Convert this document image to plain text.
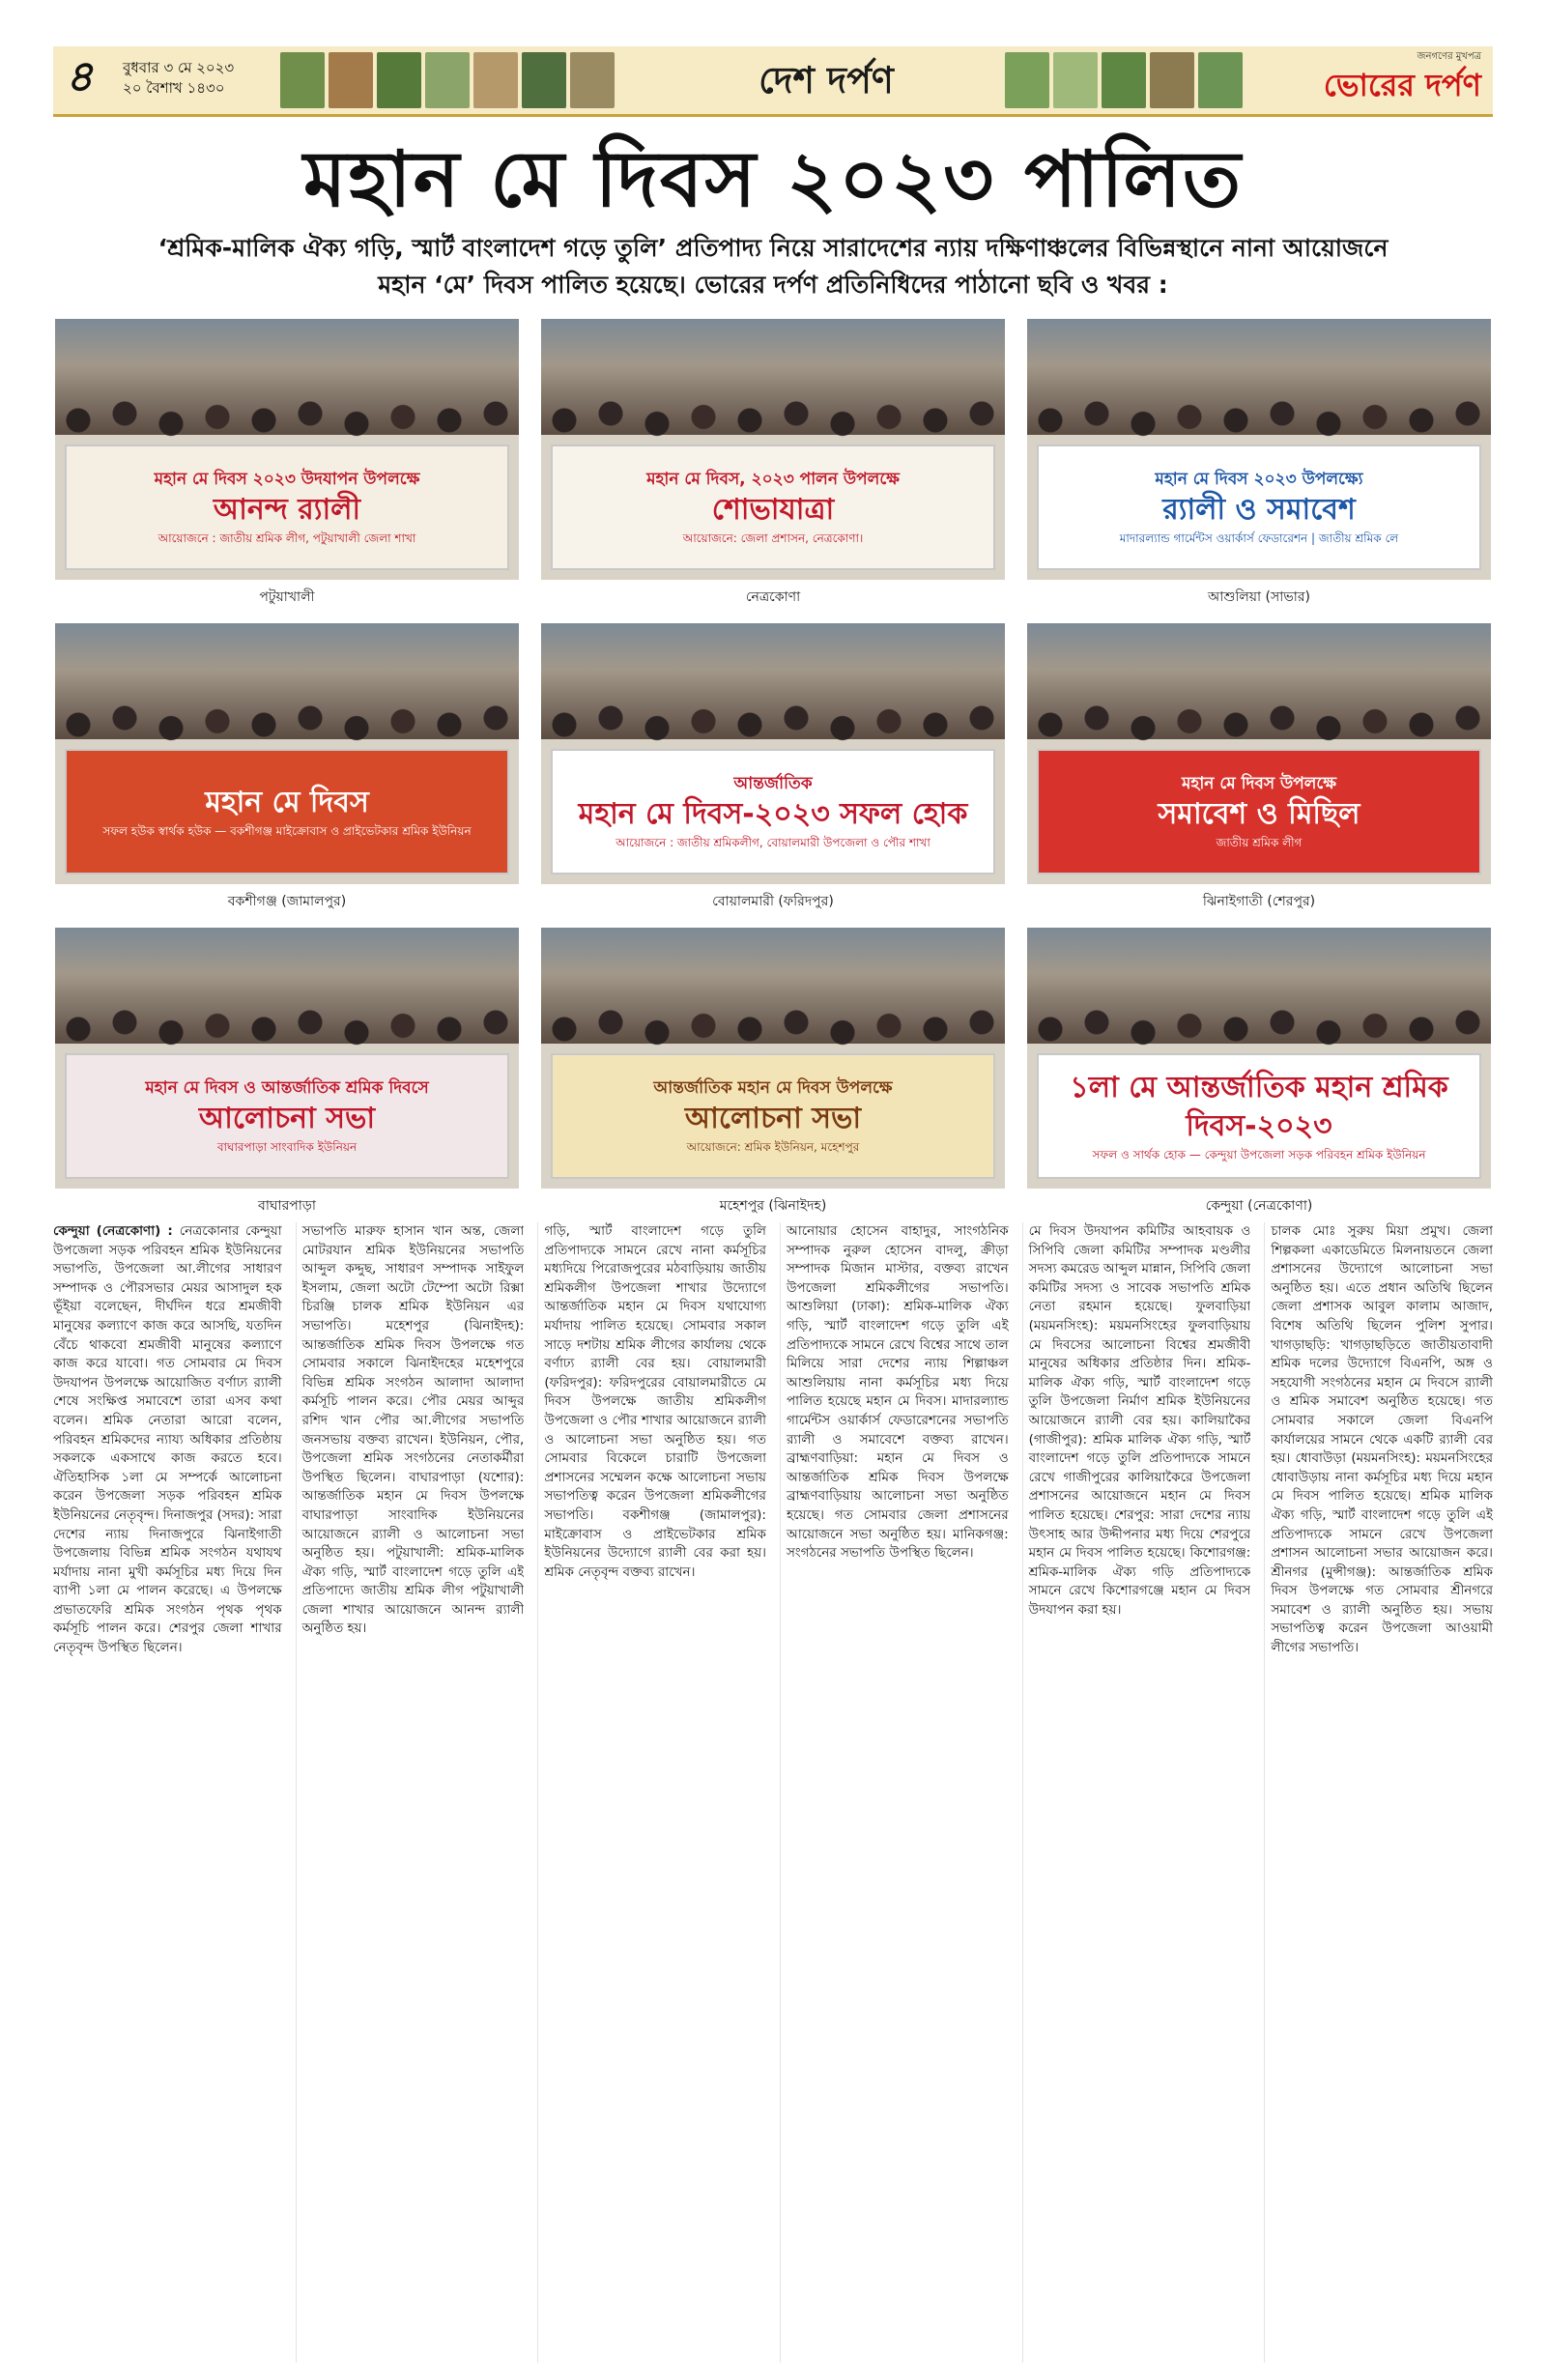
৪	বুধবার ৩ মে ২০২৩
২০ বৈশাখ ১৪৩০	দেশ দর্পণ
জনগণের মুখপত্র
ভোরের দর্পণ
মহান মে দিবস ২০২৩ পালিত
‘শ্রমিক-মালিক ঐক্য গড়ি, স্মার্ট বাংলাদেশ গড়ে তুলি’ প্রতিপাদ্য নিয়ে সারাদেশের ন্যায় দক্ষিণাঞ্চলের বিভিন্নস্থানে নানা আয়োজনে
মহান ‘মে’ দিবস পালিত হয়েছে। ভোরের দর্পণ প্রতিনিধিদের পাঠানো ছবি ও খবর :
মহান মে দিবস ২০২৩ উদযাপন উপলক্ষে
আনন্দ র‍্যালী
আয়োজনে : জাতীয় শ্রমিক লীগ, পটুয়াখালী জেলা শাখা
পটুয়াখালী
মহান মে দিবস, ২০২৩ পালন উপলক্ষে
শোভাযাত্রা
আয়োজনে: জেলা প্রশাসন, নেত্রকোণা।
নেত্রকোণা
মহান মে দিবস ২০২৩ উপলক্ষ্যে
র‍্যালী ও সমাবেশ
মাদারল্যান্ড গার্মেন্টস ওয়ার্কার্স ফেডারেশন | জাতীয় শ্রমিক লে
আশুলিয়া (সাভার)
মহান মে দিবস
সফল হউক স্বার্থক হউক — বকশীগঞ্জ মাইক্রোবাস ও প্রাইভেটকার শ্রমিক ইউনিয়ন
বকশীগঞ্জ (জামালপুর)
আন্তর্জাতিক
মহান মে দিবস-২০২৩ সফল হোক
আয়োজনে : জাতীয় শ্রমিকলীগ, বোয়ালমারী উপজেলা ও পৌর শাখা
বোয়ালমারী (ফরিদপুর)
মহান মে দিবস উপলক্ষে
সমাবেশ ও মিছিল
জাতীয় শ্রমিক লীগ
ঝিনাইগাতী (শেরপুর)
মহান মে দিবস ও আন্তর্জাতিক শ্রমিক দিবসে
আলোচনা সভা
বাঘারপাড়া সাংবাদিক ইউনিয়ন
বাঘারপাড়া
আন্তর্জাতিক মহান মে দিবস উপলক্ষে
আলোচনা সভা
আয়োজনে: শ্রমিক ইউনিয়ন, মহেশপুর
মহেশপুর (ঝিনাইদহ)
১লা মে আন্তর্জাতিক মহান শ্রমিক দিবস-২০২৩
সফল ও সার্থক হোক — কেন্দুয়া উপজেলা সড়ক পরিবহন শ্রমিক ইউনিয়ন
কেন্দুয়া (নেত্রকোণা)

কেন্দুয়া (নেত্রকোণা) : নেত্রকোনার কেন্দুয়া উপজেলা সড়ক পরিবহন শ্রমিক ইউনিয়নের সভাপতি, উপজেলা আ.লীগের সাধারণ সম্পাদক ও পৌরসভার মেয়র আসাদুল হক ভূঁইয়া বলেছেন, দীর্ঘদিন ধরে শ্রমজীবী মানুষের কল্যাণে কাজ করে আসছি, যতদিন বেঁচে থাকবো শ্রমজীবী মানুষের কল্যাণে কাজ করে যাবো। গত সোমবার মে দিবস উদযাপন উপলক্ষে আয়োজিত বর্ণাঢ্য র‍্যালী শেষে সংক্ষিপ্ত সমাবেশে তারা এসব কথা বলেন। শ্রমিক নেতারা আরো বলেন, পরিবহন শ্রমিকদের ন্যায্য অধিকার প্রতিষ্ঠায় সকলকে একসাথে কাজ করতে হবে। ঐতিহাসিক ১লা মে সম্পর্কে আলোচনা করেন উপজেলা সড়ক পরিবহন শ্রমিক ইউনিয়নের নেতৃবৃন্দ। দিনাজপুর (সদর): সারা দেশের ন্যায় দিনাজপুরে ঝিনাইগাতী উপজেলায় বিভিন্ন শ্রমিক সংগঠন যথাযথ মর্যাদায় নানা মুখী কর্মসূচির মধ্য দিয়ে দিন ব্যাপী ১লা মে পালন করেছে। এ উপলক্ষে প্রভাতফেরি শ্রমিক সংগঠন পৃথক পৃথক কর্মসূচি পালন করে। শেরপুর জেলা শাখার নেতৃবৃন্দ উপস্থিত ছিলেন।

সভাপতি মারুফ হাসান খান অন্ত, জেলা মোটরযান শ্রমিক ইউনিয়নের সভাপতি আব্দুল কদ্দুছ, সাধারণ সম্পাদক সাইফুল ইসলাম, জেলা অটো টেম্পো অটো রিক্সা চিরঞ্জি চালক শ্রমিক ইউনিয়ন এর সভাপতি। মহেশপুর (ঝিনাইদহ): আন্তর্জাতিক শ্রমিক দিবস উপলক্ষে গত সোমবার সকালে ঝিনাইদহের মহেশপুরে বিভিন্ন শ্রমিক সংগঠন আলাদা আলাদা কর্মসূচি পালন করে। পৌর মেয়র আব্দুর রশিদ খান পৌর আ.লীগের সভাপতি জনসভায় বক্তব্য রাখেন। ইউনিয়ন, পৌর, উপজেলা শ্রমিক সংগঠনের নেতাকর্মীরা উপস্থিত ছিলেন। বাঘারপাড়া (যশোর): আন্তর্জাতিক মহান মে দিবস উপলক্ষে বাঘারপাড়া সাংবাদিক ইউনিয়নের আয়োজনে র‍্যালী ও আলোচনা সভা অনুষ্ঠিত হয়। পটুয়াখালী: শ্রমিক-মালিক ঐক্য গড়ি, স্মার্ট বাংলাদেশ গড়ে তুলি এই প্রতিপাদ্যে জাতীয় শ্রমিক লীগ পটুয়াখালী জেলা শাখার আয়োজনে আনন্দ র‍্যালী অনুষ্ঠিত হয়।

গড়ি, স্মার্ট বাংলাদেশ গড়ে তুলি প্রতিপাদ্যকে সামনে রেখে নানা কর্মসূচির মধ্যদিয়ে পিরোজপুরের মঠবাড়িয়ায় জাতীয় শ্রমিকলীগ উপজেলা শাখার উদ্যোগে আন্তর্জাতিক মহান মে দিবস যথাযোগ্য মর্যাদায় পালিত হয়েছে। সোমবার সকাল সাড়ে দশটায় শ্রমিক লীগের কার্যালয় থেকে বর্ণাঢ্য র‍্যালী বের হয়। বোয়ালমারী (ফরিদপুর): ফরিদপুরের বোয়ালমারীতে মে দিবস উপলক্ষে জাতীয় শ্রমিকলীগ উপজেলা ও পৌর শাখার আয়োজনে র‍্যালী ও আলোচনা সভা অনুষ্ঠিত হয়। গত সোমবার বিকেলে চারাটি উপজেলা প্রশাসনের সম্মেলন কক্ষে আলোচনা সভায় সভাপতিত্ব করেন উপজেলা শ্রমিকলীগের সভাপতি। বকশীগঞ্জ (জামালপুর): মাইক্রোবাস ও প্রাইভেটকার শ্রমিক ইউনিয়নের উদ্যোগে র‍্যালী বের করা হয়। শ্রমিক নেতৃবৃন্দ বক্তব্য রাখেন।

আনোয়ার হোসেন বাহাদুর, সাংগঠনিক সম্পাদক নুরুল হোসেন বাদলু, ক্রীড়া সম্পাদক মিজান মাস্টার, বক্তব্য রাখেন উপজেলা শ্রমিকলীগের সভাপতি। আশুলিয়া (ঢাকা): শ্রমিক-মালিক ঐক্য গড়ি, স্মার্ট বাংলাদেশ গড়ে তুলি এই প্রতিপাদ্যকে সামনে রেখে বিশ্বের সাথে তাল মিলিয়ে সারা দেশের ন্যায় শিল্পাঞ্চল আশুলিয়ায় নানা কর্মসূচির মধ্য দিয়ে পালিত হয়েছে মহান মে দিবস। মাদারল্যান্ড গার্মেন্টস ওয়ার্কার্স ফেডারেশনের সভাপতি র‍্যালী ও সমাবেশে বক্তব্য রাখেন। ব্রাহ্মণবাড়িয়া: মহান মে দিবস ও আন্তর্জাতিক শ্রমিক দিবস উপলক্ষে ব্রাহ্মণবাড়িয়ায় আলোচনা সভা অনুষ্ঠিত হয়েছে। গত সোমবার জেলা প্রশাসনের আয়োজনে সভা অনুষ্ঠিত হয়। মানিকগঞ্জ: সংগঠনের সভাপতি উপস্থিত ছিলেন।

মে দিবস উদযাপন কমিটির আহবায়ক ও সিপিবি জেলা কমিটির সম্পাদক মণ্ডলীর সদস্য কমরেড আব্দুল মান্নান, সিপিবি জেলা কমিটির সদস্য ও সাবেক সভাপতি শ্রমিক নেতা রহমান হয়েছে। ফুলবাড়িয়া (ময়মনসিংহ): ময়মনসিংহের ফুলবাড়িয়ায় মে দিবসের আলোচনা বিশ্বের শ্রমজীবী মানুষের অধিকার প্রতিষ্ঠার দিন। শ্রমিক-মালিক ঐক্য গড়ি, স্মার্ট বাংলাদেশ গড়ে তুলি উপজেলা নির্মাণ শ্রমিক ইউনিয়নের আয়োজনে র‍্যালী বের হয়। কালিয়াকৈর (গাজীপুর): শ্রমিক মালিক ঐক্য গড়ি, স্মার্ট বাংলাদেশ গড়ে তুলি প্রতিপাদ্যকে সামনে রেখে গাজীপুরের কালিয়াকৈরে উপজেলা প্রশাসনের আয়োজনে মহান মে দিবস পালিত হয়েছে। শেরপুর: সারা দেশের ন্যায় উৎসাহ আর উদ্দীপনার মধ্য দিয়ে শেরপুরে মহান মে দিবস পালিত হয়েছে। কিশোরগঞ্জ: শ্রমিক-মালিক ঐক্য গড়ি প্রতিপাদ্যকে সামনে রেখে কিশোরগঞ্জে মহান মে দিবস উদযাপন করা হয়।

চালক মোঃ সুরুয় মিয়া প্রমুখ। জেলা শিল্পকলা একাডেমিতে মিলনায়তনে জেলা প্রশাসনের উদ্যোগে আলোচনা সভা অনুষ্ঠিত হয়। এতে প্রধান অতিথি ছিলেন জেলা প্রশাসক আবুল কালাম আজাদ, বিশেষ অতিথি ছিলেন পুলিশ সুপার। খাগড়াছড়ি: খাগড়াছড়িতে জাতীয়তাবাদী শ্রমিক দলের উদ্যোগে বিএনপি, অঙ্গ ও সহযোগী সংগঠনের মহান মে দিবসে র‍্যালী ও শ্রমিক সমাবেশ অনুষ্ঠিত হয়েছে। গত সোমবার সকালে জেলা বিএনপি কার্যালয়ের সামনে থেকে একটি র‍্যালী বের হয়। ধোবাউড়া (ময়মনসিংহ): ময়মনসিংহের ধোবাউড়ায় নানা কর্মসূচির মধ্য দিয়ে মহান মে দিবস পালিত হয়েছে। শ্রমিক মালিক ঐক্য গড়ি, স্মার্ট বাংলাদেশ গড়ে তুলি এই প্রতিপাদ্যকে সামনে রেখে উপজেলা প্রশাসন আলোচনা সভার আয়োজন করে। শ্রীনগর (মুন্সীগঞ্জ): আন্তর্জাতিক শ্রমিক দিবস উপলক্ষে গত সোমবার শ্রীনগরে সমাবেশ ও র‍্যালী অনুষ্ঠিত হয়। সভায় সভাপতিত্ব করেন উপজেলা আওয়ামী লীগের সভাপতি।
